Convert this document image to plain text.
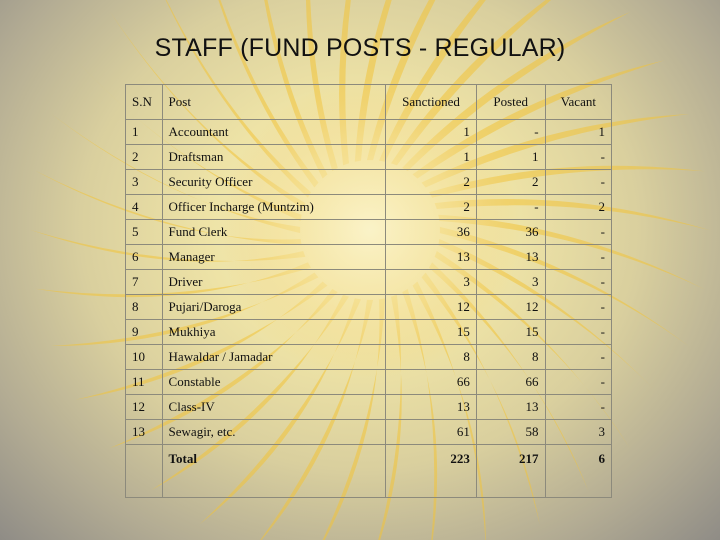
STAFF (FUND POSTS - REGULAR)
S.N	Post	Sanctioned	Posted	Vacant
1	Accountant	1	-	1
2	Draftsman	1	1	-
3	Security Officer	2	2	-
4	Officer Incharge (Muntzim)	2	-	2
5	Fund Clerk	36	36	-
6	Manager	13	13	-
7	Driver	3	3	-
8	Pujari/Daroga	12	12	-
9	Mukhiya	15	15	-
10	Hawaldar / Jamadar	8	8	-
11	Constable	66	66	-
12	Class-IV	13	13	-
13	Sewagir, etc.	61	58	3
	Total	223	217	6
